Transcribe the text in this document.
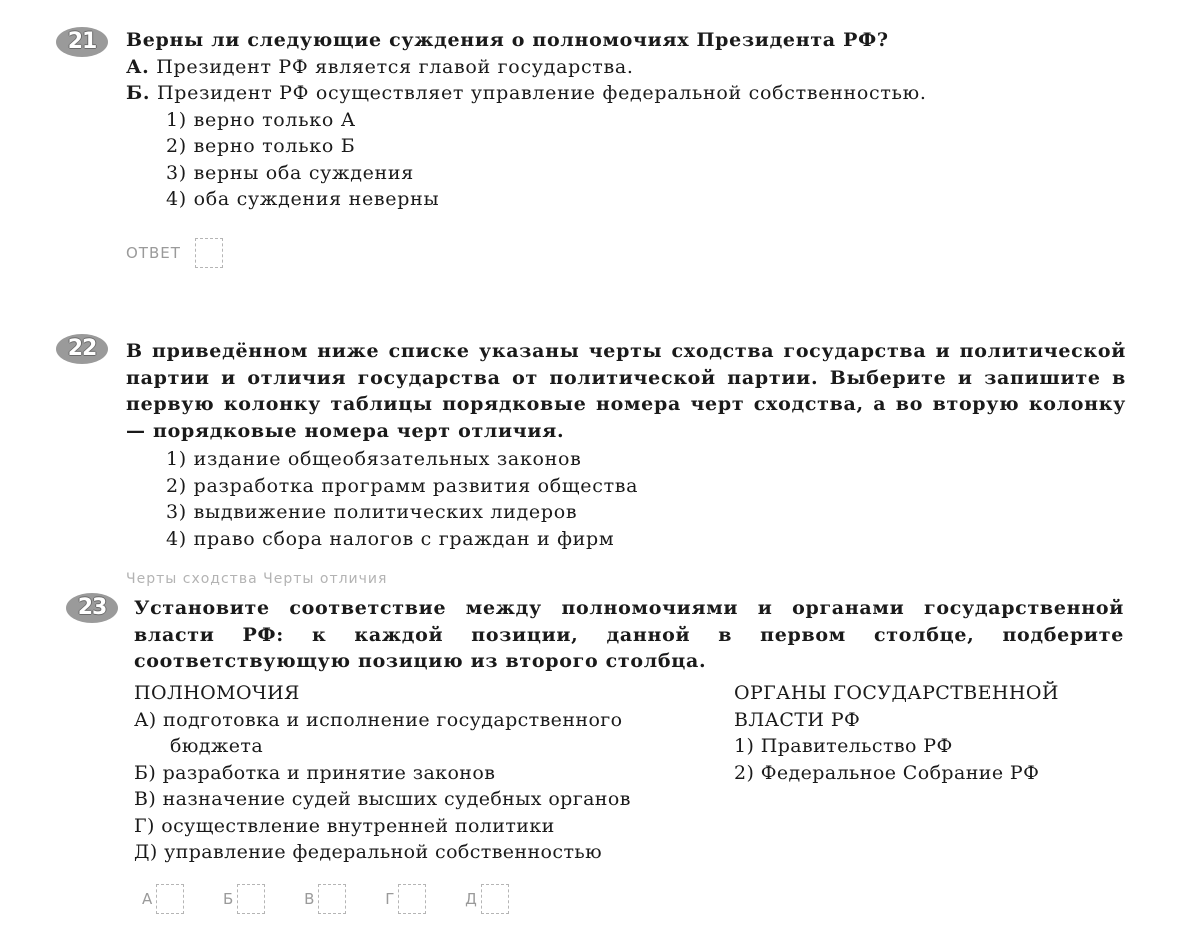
21	Верны ли следующие суждения о полномочиях Президента РФ?

А. Президент РФ является главой государства.

Б. Президент РФ осуществляет управление федеральной собственностью.

1) верно только А

2) верно только Б

3) верны оба суждения

4) оба суждения неверны

ОТВЕТ
22	В приведённом ниже списке указаны черты сходства государства и политической партии и отличия государства от политической партии. Выберите и запишите в первую колонку таблицы порядковые номера черт сходства, а во вторую колонку — порядковые номера черт отличия.

1) издание общеобязательных законов

2) разработка программ развития общества

3) выдвижение политических лидеров

4) право сбора налогов с граждан и фирм

Черты сходства Черты отличия
23	Установите соответствие между полномочиями и органами государственной власти РФ: к каждой позиции, данной в первом столбце, подберите соответствующую позицию из второго столбца.

ПОЛНОМОЧИЯ

А) подготовка и исполнение государственного бюджета

Б) разработка и принятие законов

В) назначение судей высших судебных органов

Г) осуществление внутренней политики

Д) управление федеральной собственностью

ОРГАНЫ ГОСУДАРСТВЕННОЙ ВЛАСТИ РФ

1) Правительство РФ

2) Федеральное Собрание РФ

А	Б	В	Г	Д
